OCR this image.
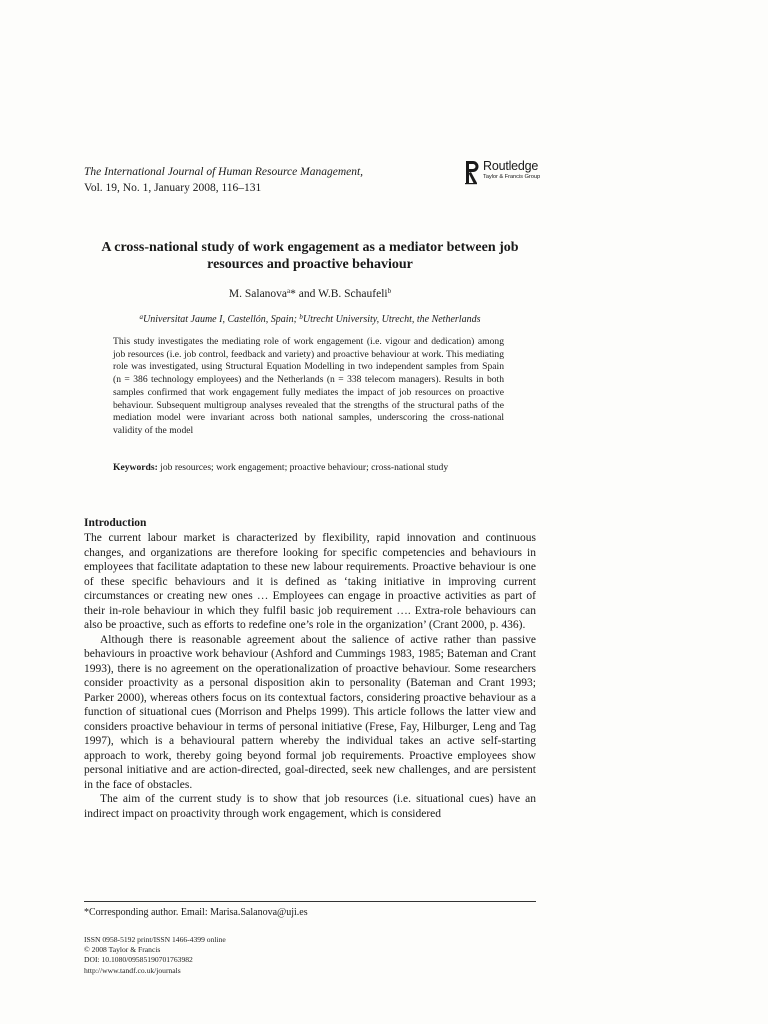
The International Journal of Human Resource Management,
Vol. 19, No. 1, January 2008, 116–131
Routledge
Taylor & Francis Group
A cross-national study of work engagement as a mediator between job resources and proactive behaviour
M. Salanova$^a$* and W.B. Schaufeli$^b$
$^a$Universitat Jaume I, Castellón, Spain; $^b$Utrecht University, Utrecht, the Netherlands
This study investigates the mediating role of work engagement (i.e. vigour and dedication) among job resources (i.e. job control, feedback and variety) and proactive behaviour at work. This mediating role was investigated, using Structural Equation Modelling in two independent samples from Spain (n = 386 technology employees) and the Netherlands (n = 338 telecom managers). Results in both samples confirmed that work engagement fully mediates the impact of job resources on proactive behaviour. Subsequent multigroup analyses revealed that the strengths of the structural paths of the mediation model were invariant across both national samples, underscoring the cross-national validity of the model
Keywords: job resources; work engagement; proactive behaviour; cross-national study
Introduction

The current labour market is characterized by flexibility, rapid innovation and continuous changes, and organizations are therefore looking for specific competencies and behaviours in employees that facilitate adaptation to these new labour requirements. Proactive behaviour is one of these specific behaviours and it is defined as ‘taking initiative in improving current circumstances or creating new ones … Employees can engage in proactive activities as part of their in-role behaviour in which they fulfil basic job requirement …. Extra-role behaviours can also be proactive, such as efforts to redefine one’s role in the organization’ (Crant 2000, p. 436).

Although there is reasonable agreement about the salience of active rather than passive behaviours in proactive work behaviour (Ashford and Cummings 1983, 1985; Bateman and Crant 1993), there is no agreement on the operationalization of proactive behaviour. Some researchers consider proactivity as a personal disposition akin to personality (Bateman and Crant 1993; Parker 2000), whereas others focus on its contextual factors, considering proactive behaviour as a function of situational cues (Morrison and Phelps 1999). This article follows the latter view and considers proactive behaviour in terms of personal initiative (Frese, Fay, Hilburger, Leng and Tag 1997), which is a behavioural pattern whereby the individual takes an active self-starting approach to work, thereby going beyond formal job requirements. Proactive employees show personal initiative and are action-directed, goal-directed, seek new challenges, and are persistent in the face of obstacles.

The aim of the current study is to show that job resources (i.e. situational cues) have an indirect impact on proactivity through work engagement, which is considered

*Corresponding author. Email: Marisa.Salanova@uji.es
ISSN 0958-5192 print/ISSN 1466-4399 online
© 2008 Taylor & Francis
DOI: 10.1080/09585190701763982
http://www.tandf.co.uk/journals
